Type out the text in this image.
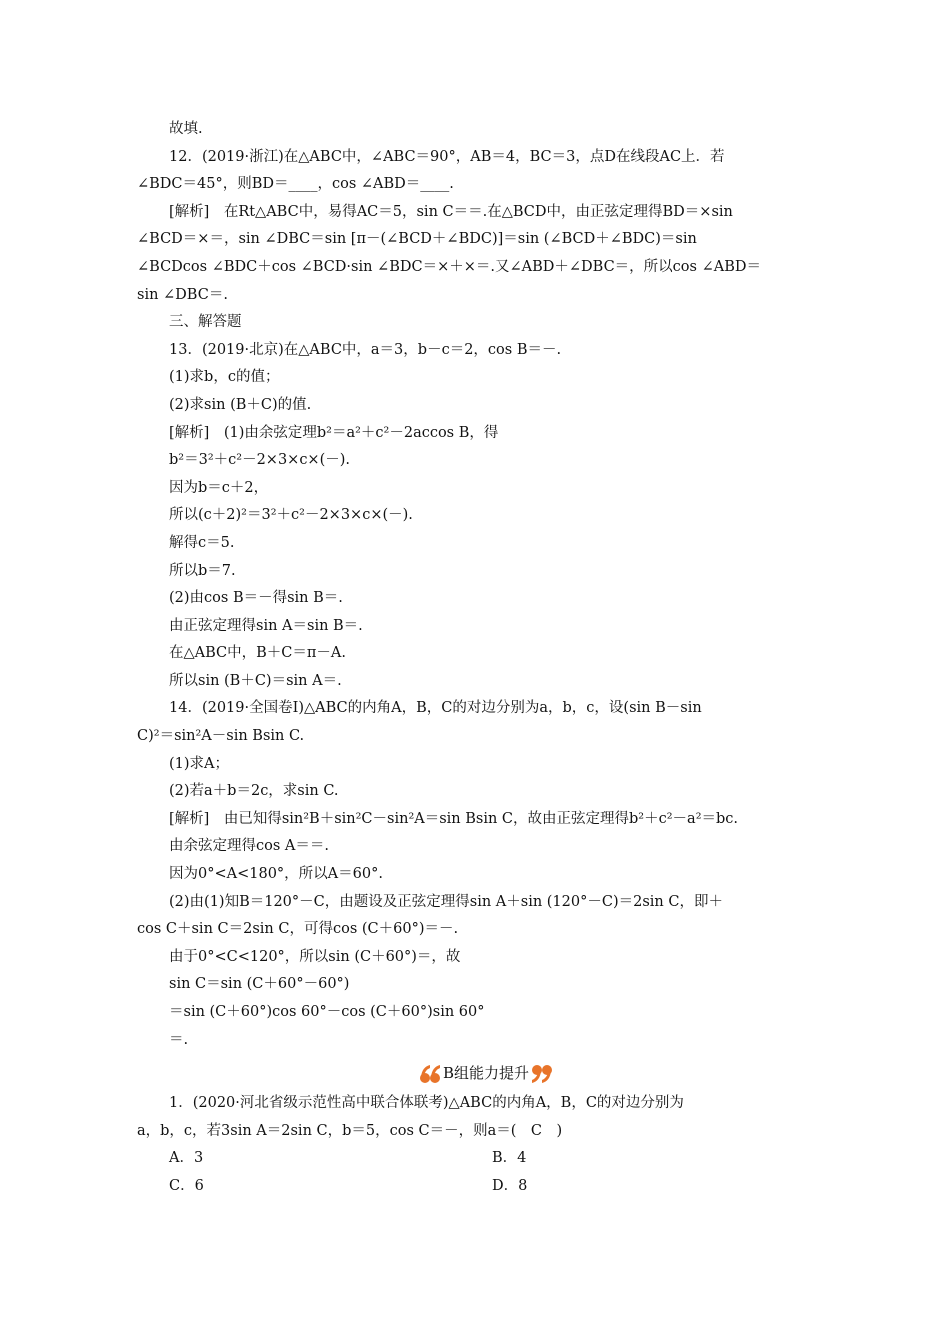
故填.
12．(2019·浙江)在△ABC中，∠ABC＝90°，AB＝4，BC＝3，点D在线段AC上．若
∠BDC＝45°，则BD＝____，cos ∠ABD＝____.
[解析]　在Rt△ABC中，易得AC＝5，sin C＝＝.在△BCD中，由正弦定理得BD＝×sin
∠BCD＝×＝，sin ∠DBC＝sin [π－(∠BCD＋∠BDC)]＝sin (∠BCD＋∠BDC)＝sin
∠BCDcos ∠BDC＋cos ∠BCD·sin ∠BDC＝×＋×＝.又∠ABD＋∠DBC＝，所以cos ∠ABD＝
sin ∠DBC＝.
三、解答题
13．(2019·北京)在△ABC中，a＝3，b－c＝2，cos B＝－.
(1)求b，c的值；
(2)求sin (B＋C)的值.
[解析]　(1)由余弦定理b²＝a²＋c²－2accos B，得
b²＝3²＋c²－2×3×c×(－).
因为b＝c＋2，
所以(c＋2)²＝3²＋c²－2×3×c×(－).
解得c＝5.
所以b＝7.
(2)由cos B＝－得sin B＝.
由正弦定理得sin A＝sin B＝.
在△ABC中，B＋C＝π－A.
所以sin (B＋C)＝sin A＝.
14．(2019·全国卷Ⅰ)△ABC的内角A，B，C的对边分别为a，b，c，设(sin B－sin
C)²＝sin²A－sin Bsin C.
(1)求A；
(2)若a＋b＝2c，求sin C.
[解析]　由已知得sin²B＋sin²C－sin²A＝sin Bsin C，故由正弦定理得b²＋c²－a²＝bc.
由余弦定理得cos A＝＝.
因为0°<A<180°，所以A＝60°.
(2)由(1)知B＝120°－C，由题设及正弦定理得sin A＋sin (120°－C)＝2sin C，即＋
cos C＋sin C＝2sin C，可得cos (C＋60°)＝－.
由于0°<C<120°，所以sin (C＋60°)＝，故
sin C＝sin (C＋60°－60°)
＝sin (C＋60°)cos 60°－cos (C＋60°)sin 60°
＝.
B组能力提升
1．(2020·河北省级示范性高中联合体联考)△ABC的内角A，B，C的对边分别为
a，b，c，若3sin A＝2sin C，b＝5，cos C＝－，则a＝(　C　)
A．3	B．4
C．6	D．8
